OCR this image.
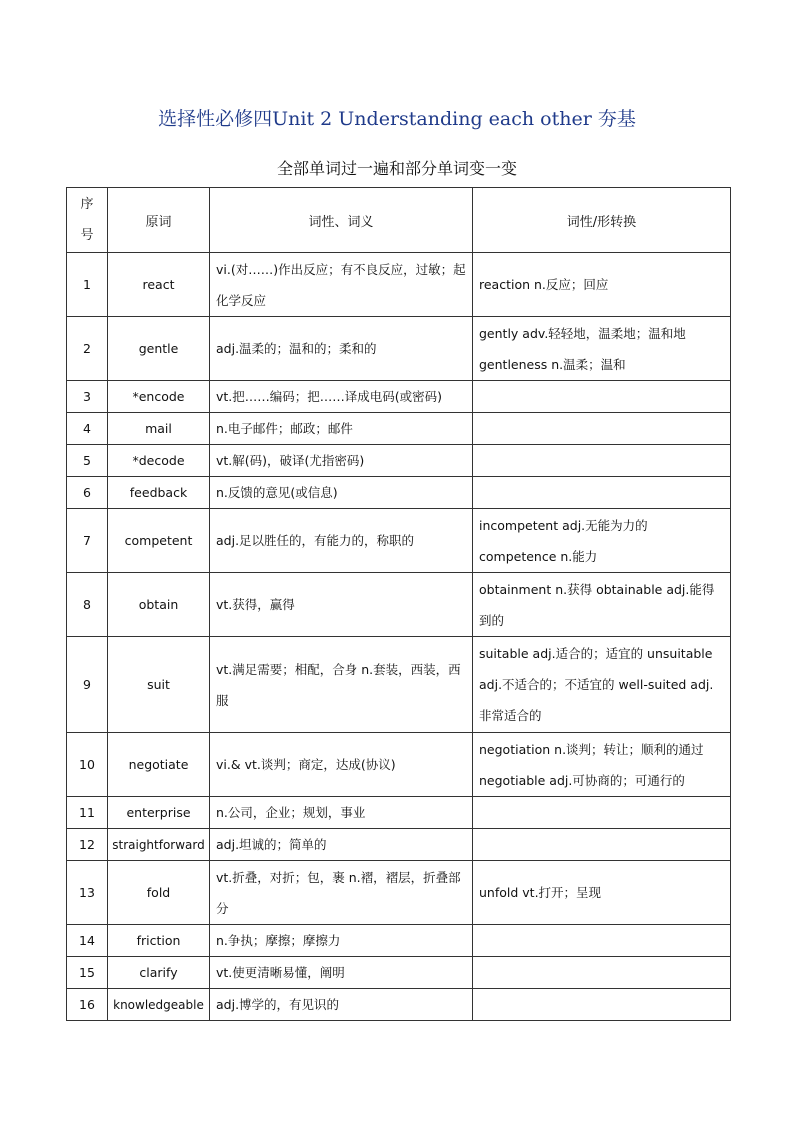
选择性必修四Unit 2 Understanding each other 夯基
全部单词过一遍和部分单词变一变
序号	原词	词性、词义	词性/形转换
1	react	vi.(对……)作出反应；有不良反应，过敏；起化学反应	reaction n.反应；回应
2	gentle	adj.温柔的；温和的；柔和的	gently adv.轻轻地，温柔地；温和地 gentleness n.温柔；温和
3	*encode	vt.把……编码；把……译成电码(或密码)	
4	mail	n.电子邮件；邮政；邮件	
5	*decode	vt.解(码)，破译(尤指密码)	
6	feedback	n.反馈的意见(或信息)	
7	competent	adj.足以胜任的，有能力的，称职的	incompetent adj.无能为力的 competence n.能力
8	obtain	vt.获得，赢得	obtainment n.获得 obtainable adj.能得到的
9	suit	vt.满足需要；相配，合身 n.套装，西装，西服	suitable adj.适合的；适宜的 unsuitable adj.不适合的；不适宜的 well-suited adj.非常适合的
10	negotiate	vi.& vt.谈判；商定，达成(协议)	negotiation n.谈判；转让；顺利的通过 negotiable adj.可协商的；可通行的
11	enterprise	n.公司，企业；规划，事业	
12	straightforward	adj.坦诚的；简单的	
13	fold	vt.折叠，对折；包，裹 n.褶，褶层，折叠部分	unfold vt.打开；呈现
14	friction	n.争执；摩擦；摩擦力	
15	clarify	vt.使更清晰易懂，阐明	
16	knowledgeable	adj.博学的，有见识的	
